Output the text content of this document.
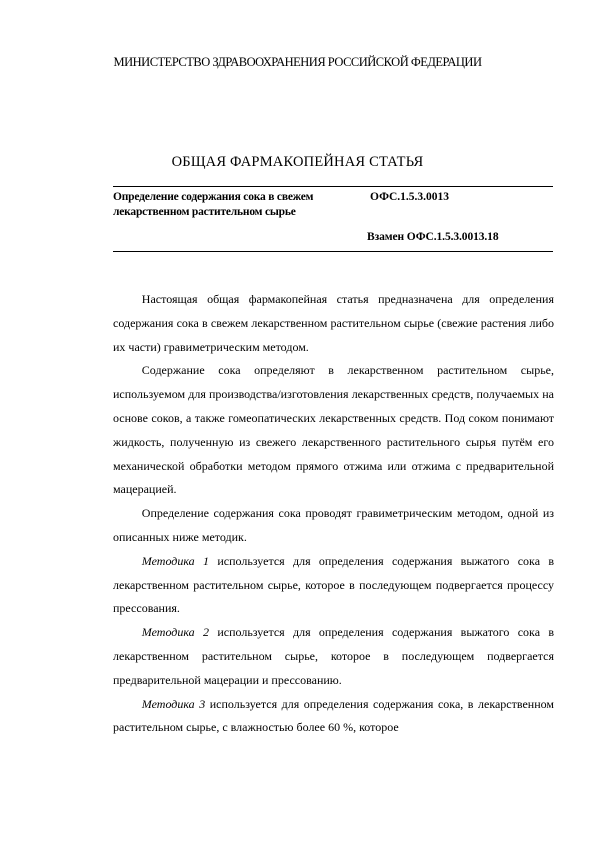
МИНИСТЕРСТВО ЗДРАВООХРАНЕНИЯ РОССИЙСКОЙ ФЕДЕРАЦИИ
ОБЩАЯ ФАРМАКОПЕЙНАЯ СТАТЬЯ
Определение содержания сока в свежем
лекарственном растительном сырье
ОФС.1.5.3.0013
Взамен ОФС.1.5.3.0013.18

Настоящая общая фармакопейная статья предназначена для определения содержания сока в свежем лекарственном растительном сырье (свежие растения либо их части) гравиметрическим методом.

Содержание сока определяют в лекарственном растительном сырье, используемом для производства/изготовления лекарственных средств, получаемых на основе соков, а также гомеопатических лекарственных средств. Под соком понимают жидкость, полученную из свежего лекарственного растительного сырья путём его механической обработки методом прямого отжима или отжима с предварительной мацерацией.

Определение содержания сока проводят гравиметрическим методом, одной из описанных ниже методик.

Методика 1 используется для определения содержания выжатого сока в лекарственном растительном сырье, которое в последующем подвергается процессу прессования.

Методика 2 используется для определения содержания выжатого сока в лекарственном растительном сырье, которое в последующем подвергается предварительной мацерации и прессованию.

Методика 3 используется для определения содержания сока, в лекарственном растительном сырье, с влажностью более 60 %, которое
